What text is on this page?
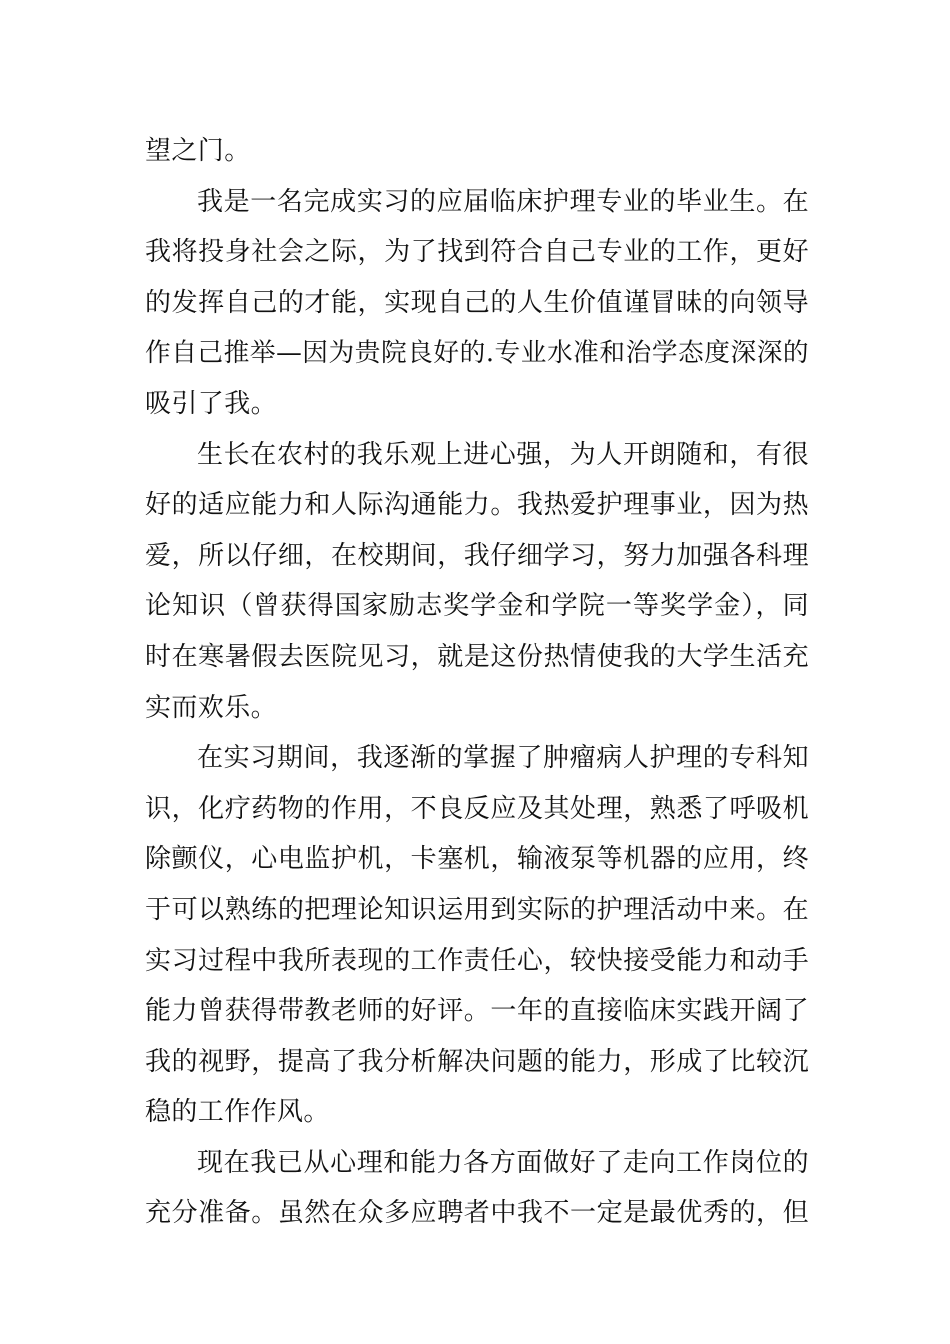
望之门。

我是一名完成实习的应届临床护理专业的毕业生。在
我将投身社会之际，为了找到符合自己专业的工作，更好
的发挥自己的才能，实现自己的人生价值谨冒昧的向领导
作自己推举—因为贵院良好的.专业水准和治学态度深深的
吸引了我。

生长在农村的我乐观上进心强，为人开朗随和，有很
好的适应能力和人际沟通能力。我热爱护理事业，因为热
爱，所以仔细，在校期间，我仔细学习，努力加强各科理
论知识（曾获得国家励志奖学金和学院一等奖学金），同
时在寒暑假去医院见习，就是这份热情使我的大学生活充
实而欢乐。

在实习期间，我逐渐的掌握了肿瘤病人护理的专科知
识，化疗药物的作用，不良反应及其处理，熟悉了呼吸机
除颤仪，心电监护机，卡塞机，输液泵等机器的应用，终
于可以熟练的把理论知识运用到实际的护理活动中来。在
实习过程中我所表现的工作责任心，较快接受能力和动手
能力曾获得带教老师的好评。一年的直接临床实践开阔了
我的视野，提高了我分析解决问题的能力，形成了比较沉
稳的工作作风。

现在我已从心理和能力各方面做好了走向工作岗位的
充分准备。虽然在众多应聘者中我不一定是最优秀的，但
